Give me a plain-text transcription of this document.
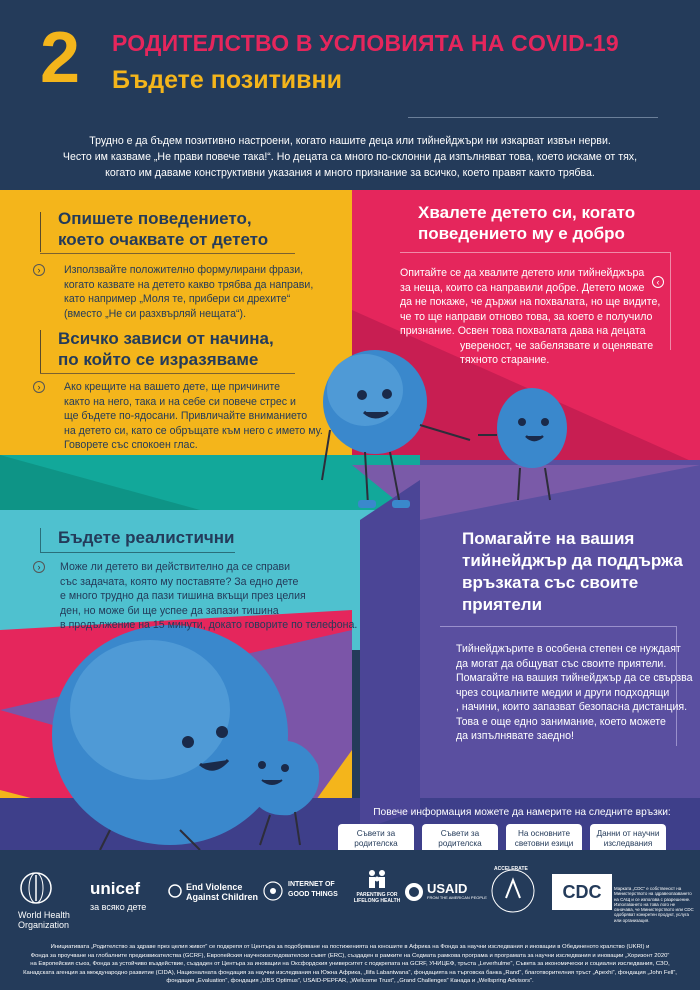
2 РОДИТЕЛСТВО В УСЛОВИЯТА НА COVID-19
Бъдете позитивни
Трудно е да бъдем позитивно настроени, когато нашите деца или тийнейджъри ни изкарват извън нерви.
Често им казваме „Не прави повече така!“. Но децата са много по-склонни да изпълняват това, което искаме от тях,
когато им даваме конструктивни указания и много признание за всичко, което правят както трябва.
Опишете поведението,
което очаквате от детето
›	Използвайте положително формулирани фрази,
когато казвате на детето какво трябва да направи,
като например „Моля те, прибери си дрехите“
(вместо „Не си разхвърляй нещата“).
Всичко зависи от начина,
по който се изразяваме
›	Ако крещите на вашето дете, ще причините
както на него, така и на себе си повече стрес и
ще бъдете по-ядосани. Привличайте вниманието
на детето си, като се обръщате към него с името му.
Говорете със спокоен глас.
Хвалете детето си, когато
поведението му е добро
‹
Опитайте се да хвалите детето или тийнейджъра
за неща, които са направили добре. Детето може
да не покаже, че държи на похвалата, но ще видите,
че то ще направи отново това, за което е получило
признание. Освен това похвалата дава на децата
увереност, че забелязвате и оценявате
тяхното старание.
Бъдете реалистични
›	Може ли детето ви действително да се справи
със задачата, която му поставяте? За едно дете
е много трудно да пази тишина вкъщи през целия
ден, но може би ще успее да запази тишина
в продължение на 15 минути, докато говорите по телефона.
Помагайте на вашия
тийнейджър да поддържа
връзката със своите
приятели
Тийнейджърите в особена степен се нуждаят
да могат да общуват със своите приятели.
Помагайте на вашия тийнейджър да се свързва
чрез социалните медии и други подходящи
, начини, които запазват безопасна дистанция.
Това е още едно занимание, което можете
да изпълнявате заедно!
Повече информация можете да намерите на следните връзки:
Съвети за родителска
Съвети за родителска
На основните
световни езици
Данни от научни
изследвания
World Health
Organization
unicef
за всяко дете
End Violence
Against Children
INTERNET OF
GOOD THINGS	PARENTING FOR
LIFELONG HEALTH
USAID
FROM THE AMERICAN PEOPLE
ACCELERATE
CDC	Марката „CDC“ е собственост на Министерството на здравеопазването на САЩ и се използва с разрешение. Използването на това лого не означава, че Министерството или CDC одобряват конкретен продукт, услуга или организация.
Инициативата „Родителство за здраве през целия живот“ се подкрепя от Центъра за подобряване на постиженията на юношите в Африка на Фонда за научни изследвания и иновации в Обединеното кралство (UKRI) и
Фонда за проучване на глобалните предизвикателства (GCRF), Европейския научноизследователски съвет (ERC), създаден в рамките на Седмата рамкова програма и програмата за научни изследвания и иновации „Хоризонт 2020“
на Европейския съюз, Фонда за устойчиво въздействие, създаден от Центъра за иновации на Оксфордския университет с подкрепата на GCRF, УНИЦЕФ, тръста „Leverhulme“, Съвета за икономически и социални изследвания, СЗО,
Канадската агенция за международно развитие (CIDA), Националната фондация за научни изследвания на Южна Африка, „Ilifa Labantwana“, фондацията на търговска банка „Rand“, благотворителния тръст „Apexhi“, фондация „John Fell“,
фондация „Evaluation“, фондация „UBS Optimus“, USAID-PEPFAR, „Wellcome Trust“, „Grand Challenges“ Канада и „Wellspring Advisors“.
